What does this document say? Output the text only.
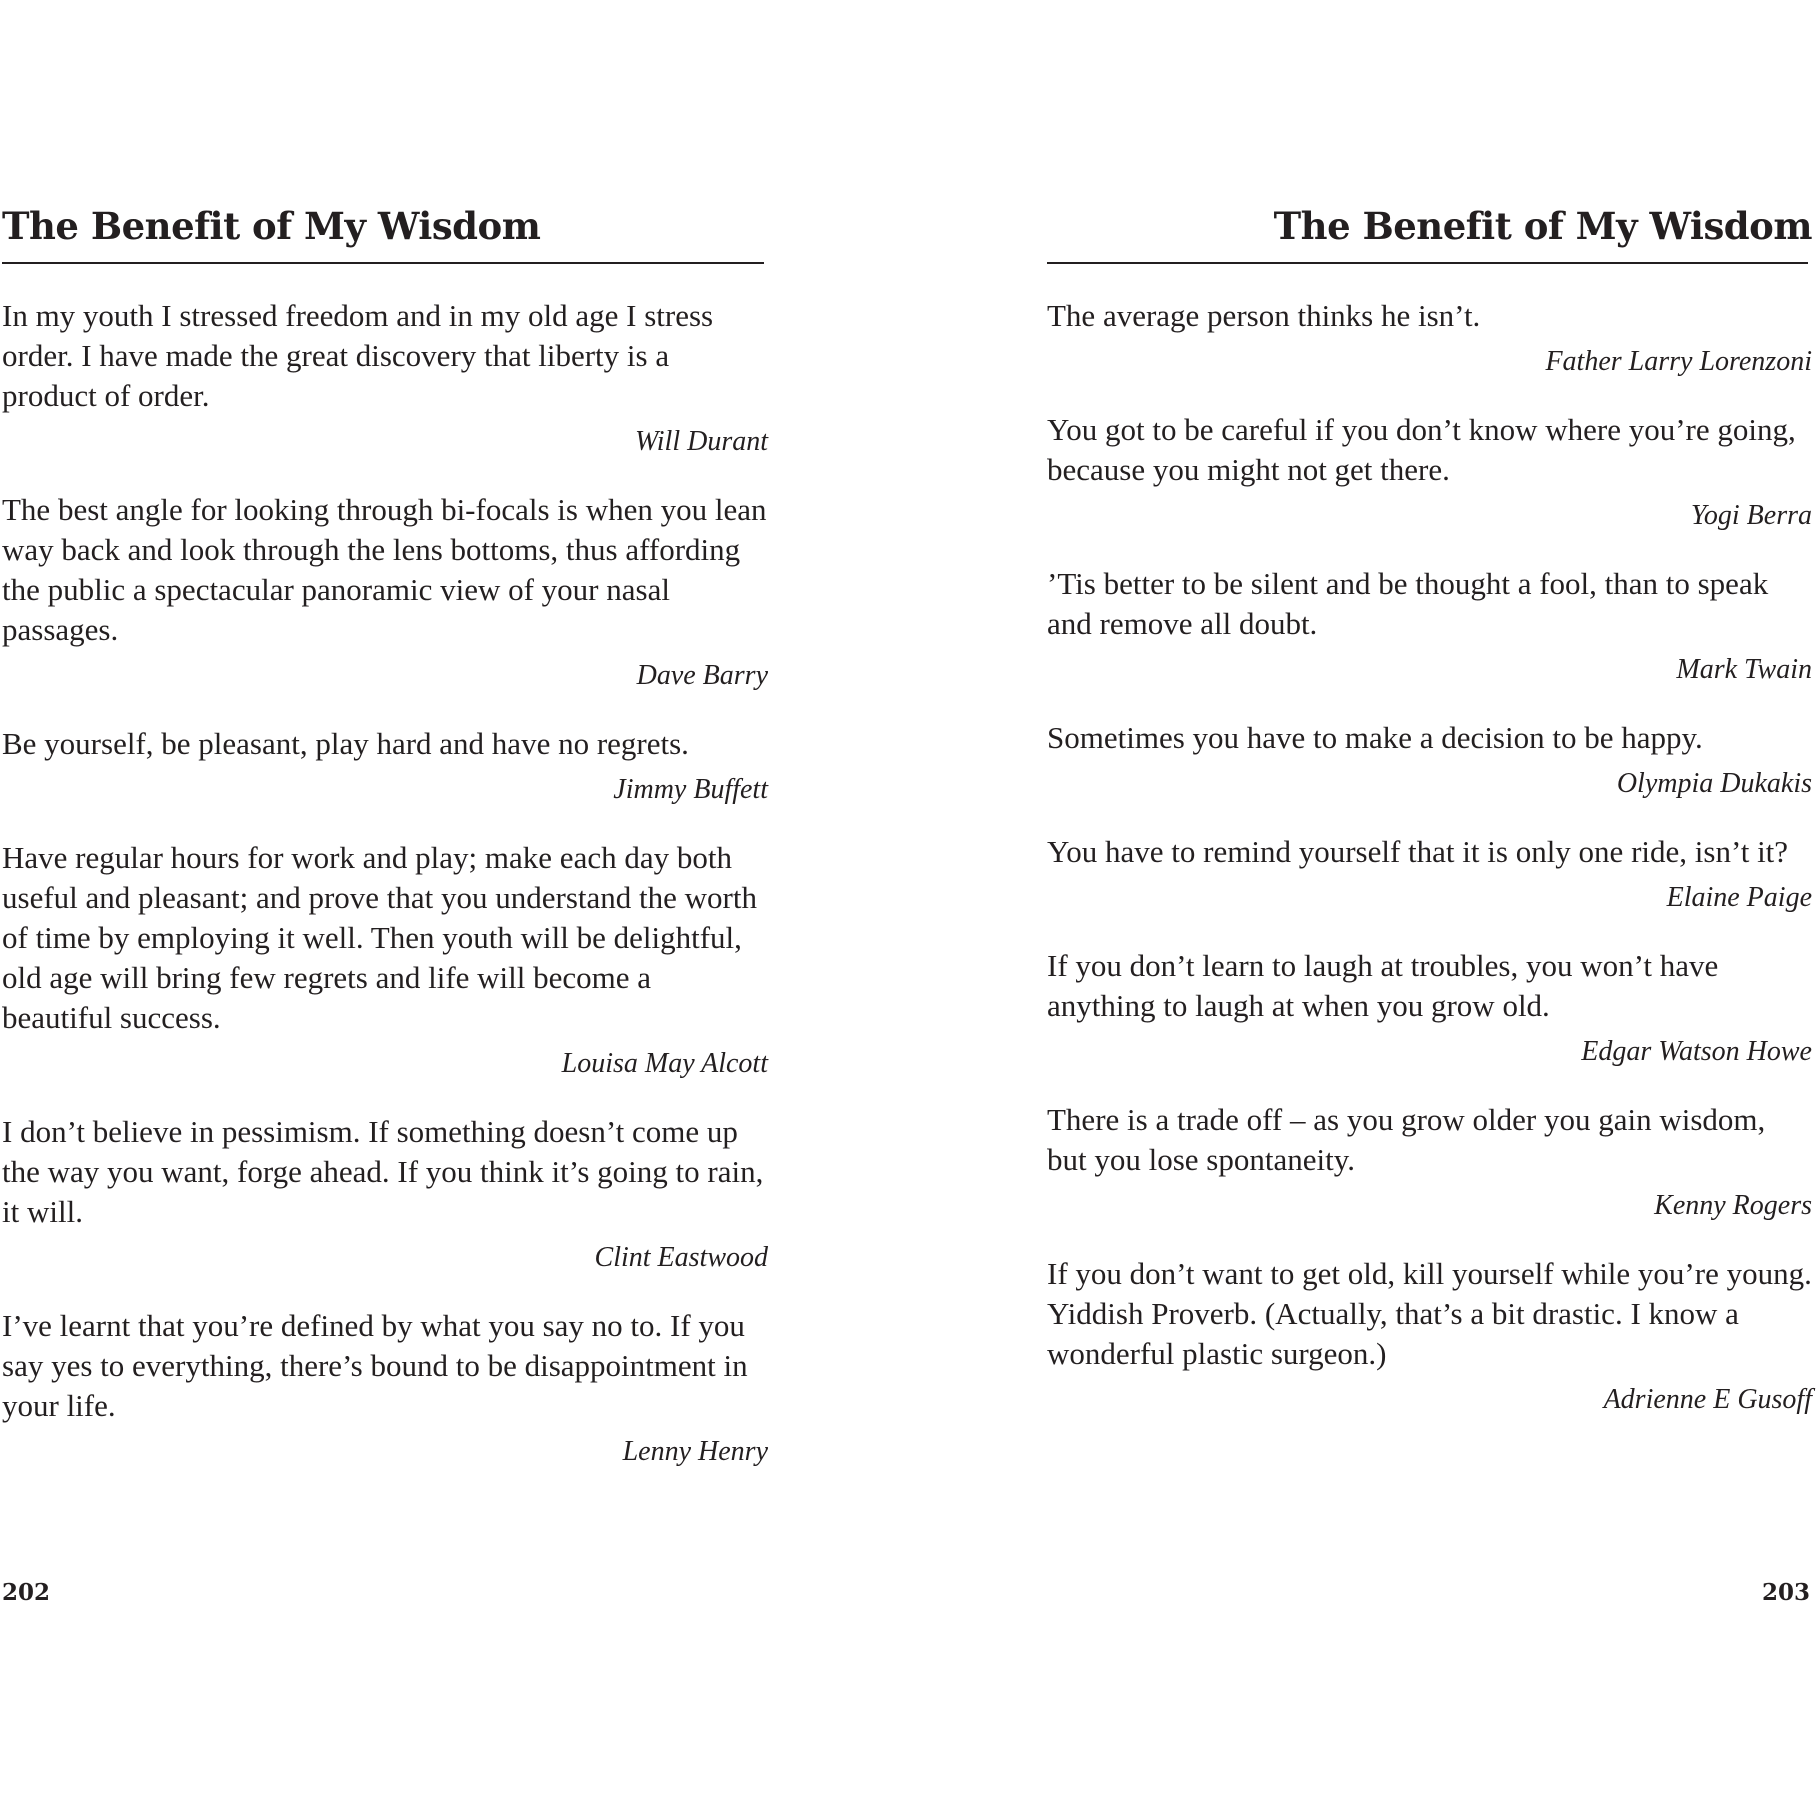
The Benefit of My Wisdom

In my youth I stressed freedom and in my old age I stress order. I have made the great discovery that liberty is a product of order.

Will Durant

The best angle for looking through bi-focals is when you lean way back and look through the lens bottoms, thus affording the public a spectacular panoramic view of your nasal passages.

Dave Barry

Be yourself, be pleasant, play hard and have no regrets.

Jimmy Buffett

Have regular hours for work and play; make each day both useful and pleasant; and prove that you understand the worth of time by employing it well. Then youth will be delightful, old age will bring few regrets and life will become a beautiful success.

Louisa May Alcott

I don’t believe in pessimism. If something doesn’t come up the way you want, forge ahead. If you think it’s going to rain, it will.

Clint Eastwood

I’ve learnt that you’re defined by what you say no to. If you say yes to everything, there’s bound to be disappointment in your life.

Lenny Henry

202

The Benefit of My Wisdom

The average person thinks he isn’t.

Father Larry Lorenzoni

You got to be careful if you don’t know where you’re going, because you might not get there.

Yogi Berra

’Tis better to be silent and be thought a fool, than to speak and remove all doubt.

Mark Twain

Sometimes you have to make a decision to be happy.

Olympia Dukakis

You have to remind yourself that it is only one ride, isn’t it?

Elaine Paige

If you don’t learn to laugh at troubles, you won’t have anything to laugh at when you grow old.

Edgar Watson Howe

There is a trade off – as you grow older you gain wisdom, but you lose spontaneity.

Kenny Rogers

If you don’t want to get old, kill yourself while you’re young. Yiddish Proverb. (Actually, that’s a bit drastic. I know a wonderful plastic surgeon.)

Adrienne E Gusoff

203
